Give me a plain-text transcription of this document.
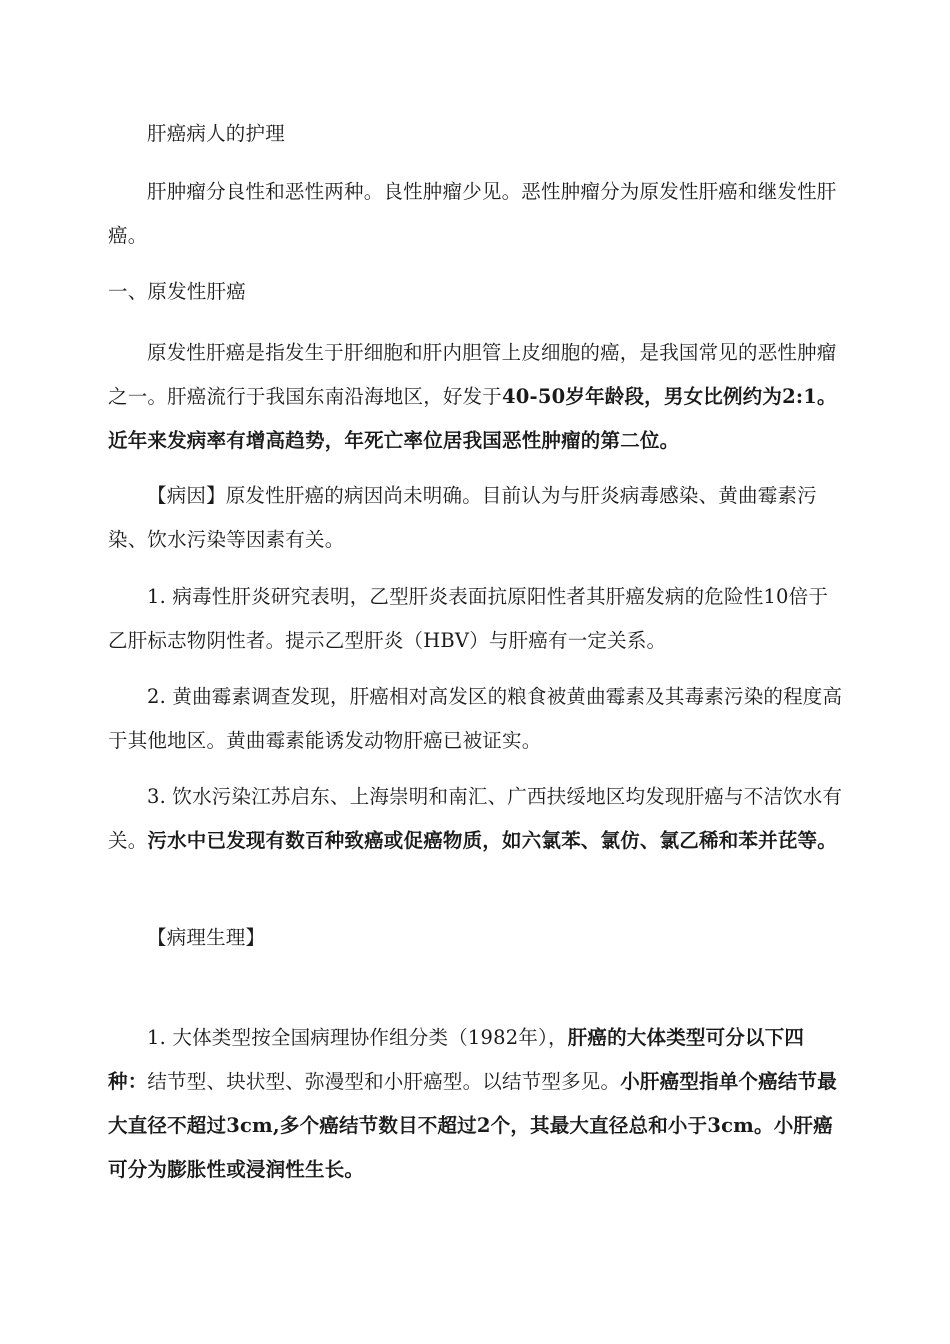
肝癌病人的护理

肝肿瘤分良性和恶性两种。良性肿瘤少见。恶性肿瘤分为原发性肝癌和继发性肝癌。

一、原发性肝癌

原发性肝癌是指发生于肝细胞和肝内胆管上皮细胞的癌，是我国常见的恶性肿瘤之一。肝癌流行于我国东南沿海地区，好发于40-50岁年龄段，男女比例约为2:1。近年来发病率有增高趋势，年死亡率位居我国恶性肿瘤的第二位。

【病因】原发性肝癌的病因尚未明确。目前认为与肝炎病毒感染、黄曲霉素污染、饮水污染等因素有关。

1. 病毒性肝炎研究表明，乙型肝炎表面抗原阳性者其肝癌发病的危险性10倍于乙肝标志物阴性者。提示乙型肝炎（HBV）与肝癌有一定关系。

2. 黄曲霉素调查发现，肝癌相对高发区的粮食被黄曲霉素及其毒素污染的程度高于其他地区。黄曲霉素能诱发动物肝癌已被证实。

3. 饮水污染江苏启东、上海崇明和南汇、广西扶绥地区均发现肝癌与不洁饮水有关。污水中已发现有数百种致癌或促癌物质，如六氯苯、氯仿、氯乙稀和苯并芘等。

【病理生理】

1. 大体类型按全国病理协作组分类（1982年），肝癌的大体类型可分以下四种：结节型、块状型、弥漫型和小肝癌型。以结节型多见。小肝癌型指单个癌结节最大直径不超过3cm,多个癌结节数目不超过2个，其最大直径总和小于3cm。小肝癌可分为膨胀性或浸润性生长。
